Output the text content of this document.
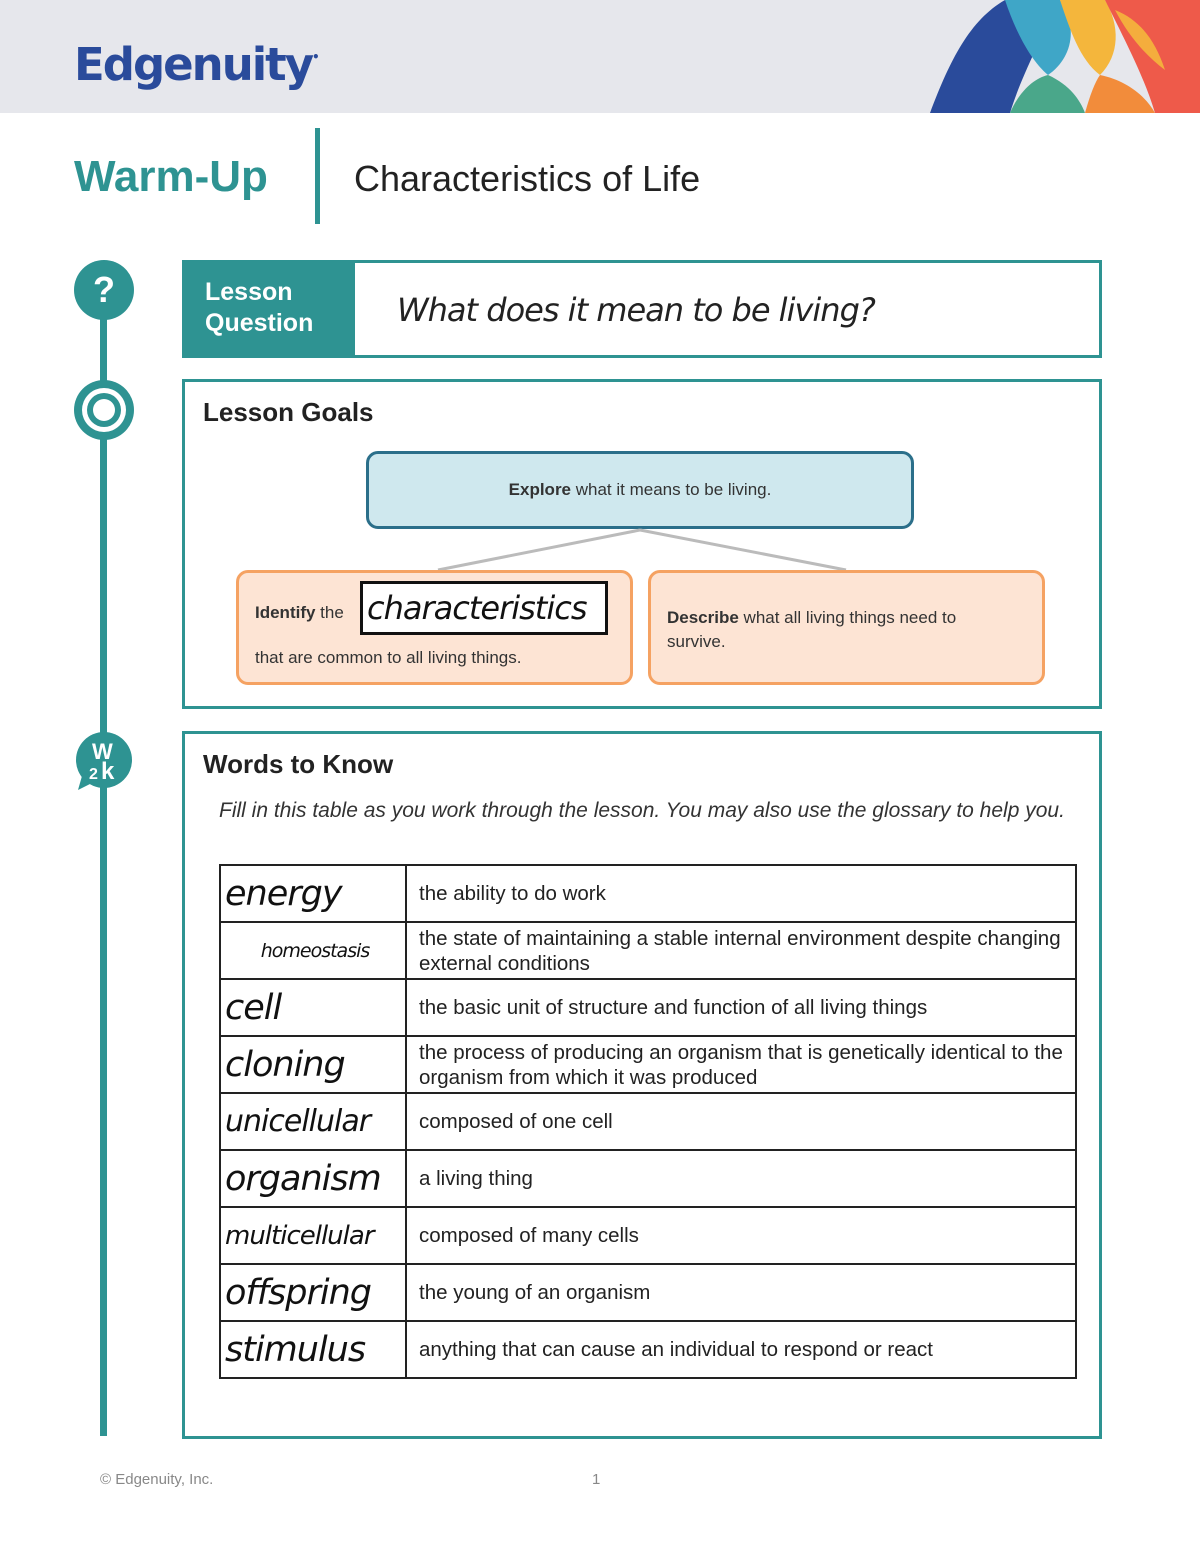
Edgenuity•
Warm-Up Characteristics of Life
?
W
2 k
Lesson
Question	What does it mean to be living?
Lesson Goals
Explore what it means to be living.
Identify the
that are common to all living things.
characteristics	Describe what all living things need to survive.
Words to Know
Fill in this table as you work through the lesson. You may also use the glossary to help you.
energy	the ability to do work
homeostasis	the state of maintaining a stable internal environment despite changing external conditions
cell	the basic unit of structure and function of all living things
cloning	the process of producing an organism that is genetically identical to the organism from which it was produced
unicellular	composed of one cell
organism	a living thing
multicellular	composed of many cells
offspring	the young of an organism
stimulus	anything that can cause an individual to respond or react
© Edgenuity, Inc.	1
